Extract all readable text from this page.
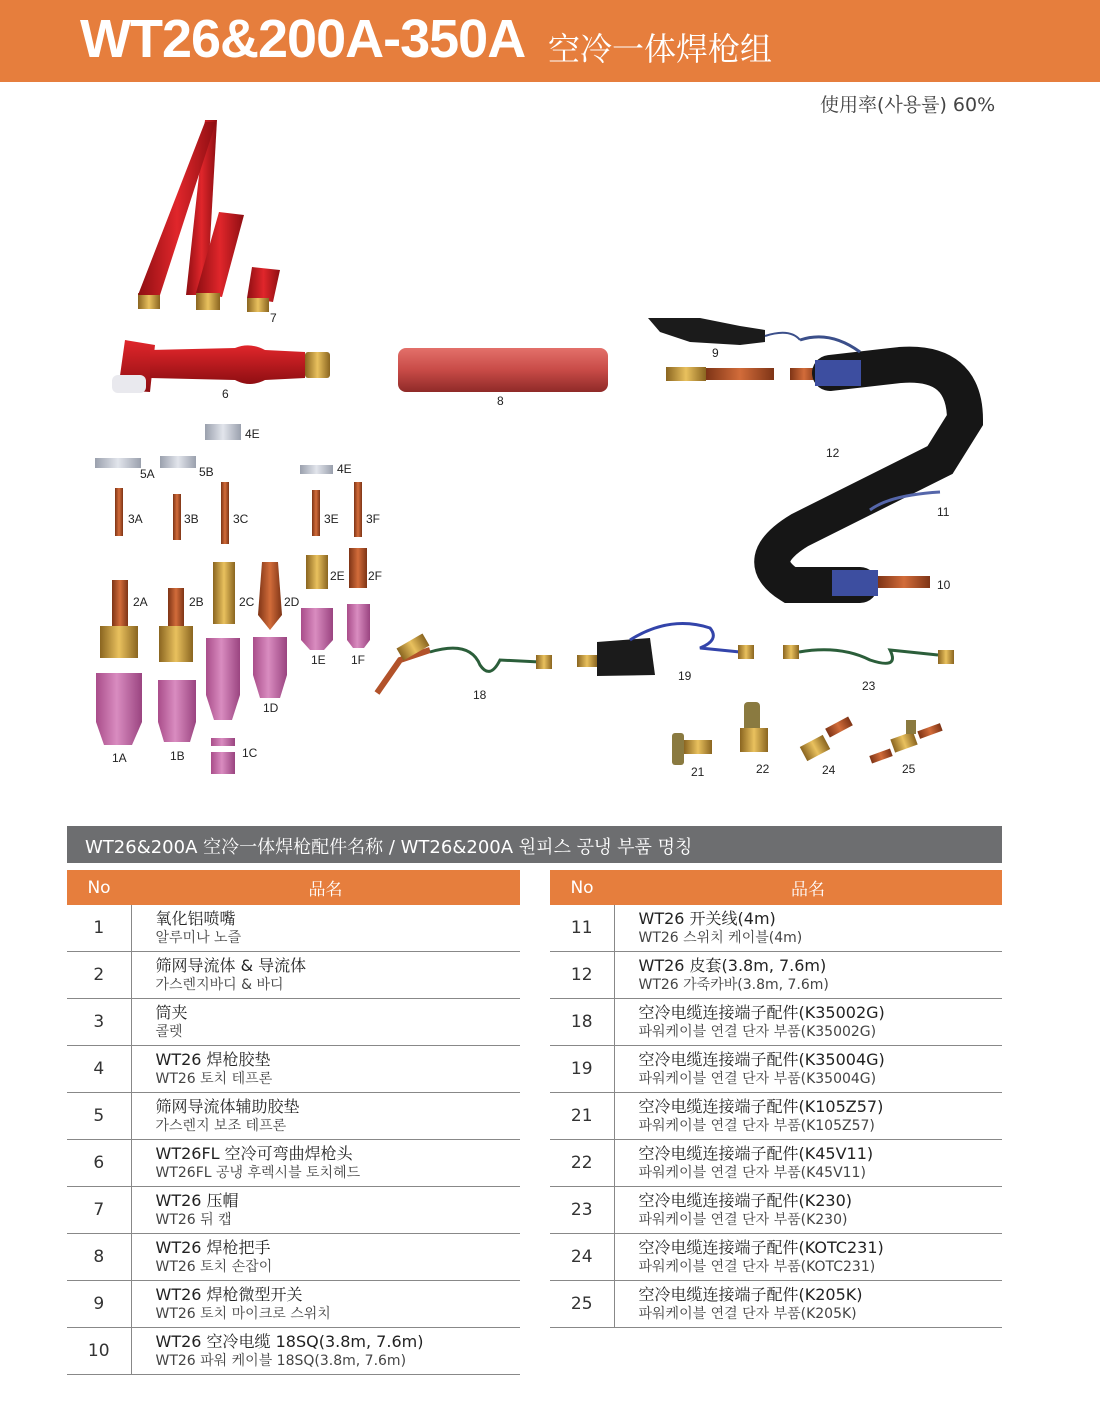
WT26&200A-350A 空冷一体焊枪组
使用率(사용률) 60%
7
6	8
9
12
11
10
4E
5A	5B	4E
3A	3B	3C	3E 3F
2A	2B	2C 2D
2E 2F
1A	1B	1C
1D
1E 1F
18
19
23
21	22	24	25
WT26&200A 空冷一体焊枪配件名称 / WT26&200A 원피스 공냉 부품 명칭
No	品名
1	氧化铝喷嘴
알루미나 노즐

2	筛网导流体 & 导流体
가스렌지바디 & 바디

3	筒夹
콜렛

4	WT26 焊枪胶垫
WT26 토치 테프론

5	筛网导流体辅助胶垫
가스렌지 보조 테프론

6	WT26FL 空冷可弯曲焊枪头
WT26FL 공냉 후렉시블 토치헤드

7	WT26 压帽
WT26 뒤 캡

8	WT26 焊枪把手
WT26 토치 손잡이

9	WT26 焊枪微型开关
WT26 토치 마이크로 스위치

10	WT26 空冷电缆 18SQ(3.8m, 7.6m)
WT26 파워 케이블 18SQ(3.8m, 7.6m)
No	品名
11	WT26 开关线(4m)
WT26 스위치 케이블(4m)

12	WT26 皮套(3.8m, 7.6m)
WT26 가죽카바(3.8m, 7.6m)

18	空冷电缆连接端子配件(K35002G)
파워케이블 연결 단자 부품(K35002G)

19	空冷电缆连接端子配件(K35004G)
파워케이블 연결 단자 부품(K35004G)

21	空冷电缆连接端子配件(K105Z57)
파워케이블 연결 단자 부품(K105Z57)

22	空冷电缆连接端子配件(K45V11)
파워케이블 연결 단자 부품(K45V11)

23	空冷电缆连接端子配件(K230)
파워케이블 연결 단자 부품(K230)

24	空冷电缆连接端子配件(KOTC231)
파워케이블 연결 단자 부품(KOTC231)

25	空冷电缆连接端子配件(K205K)
파워케이블 연결 단자 부품(K205K)
